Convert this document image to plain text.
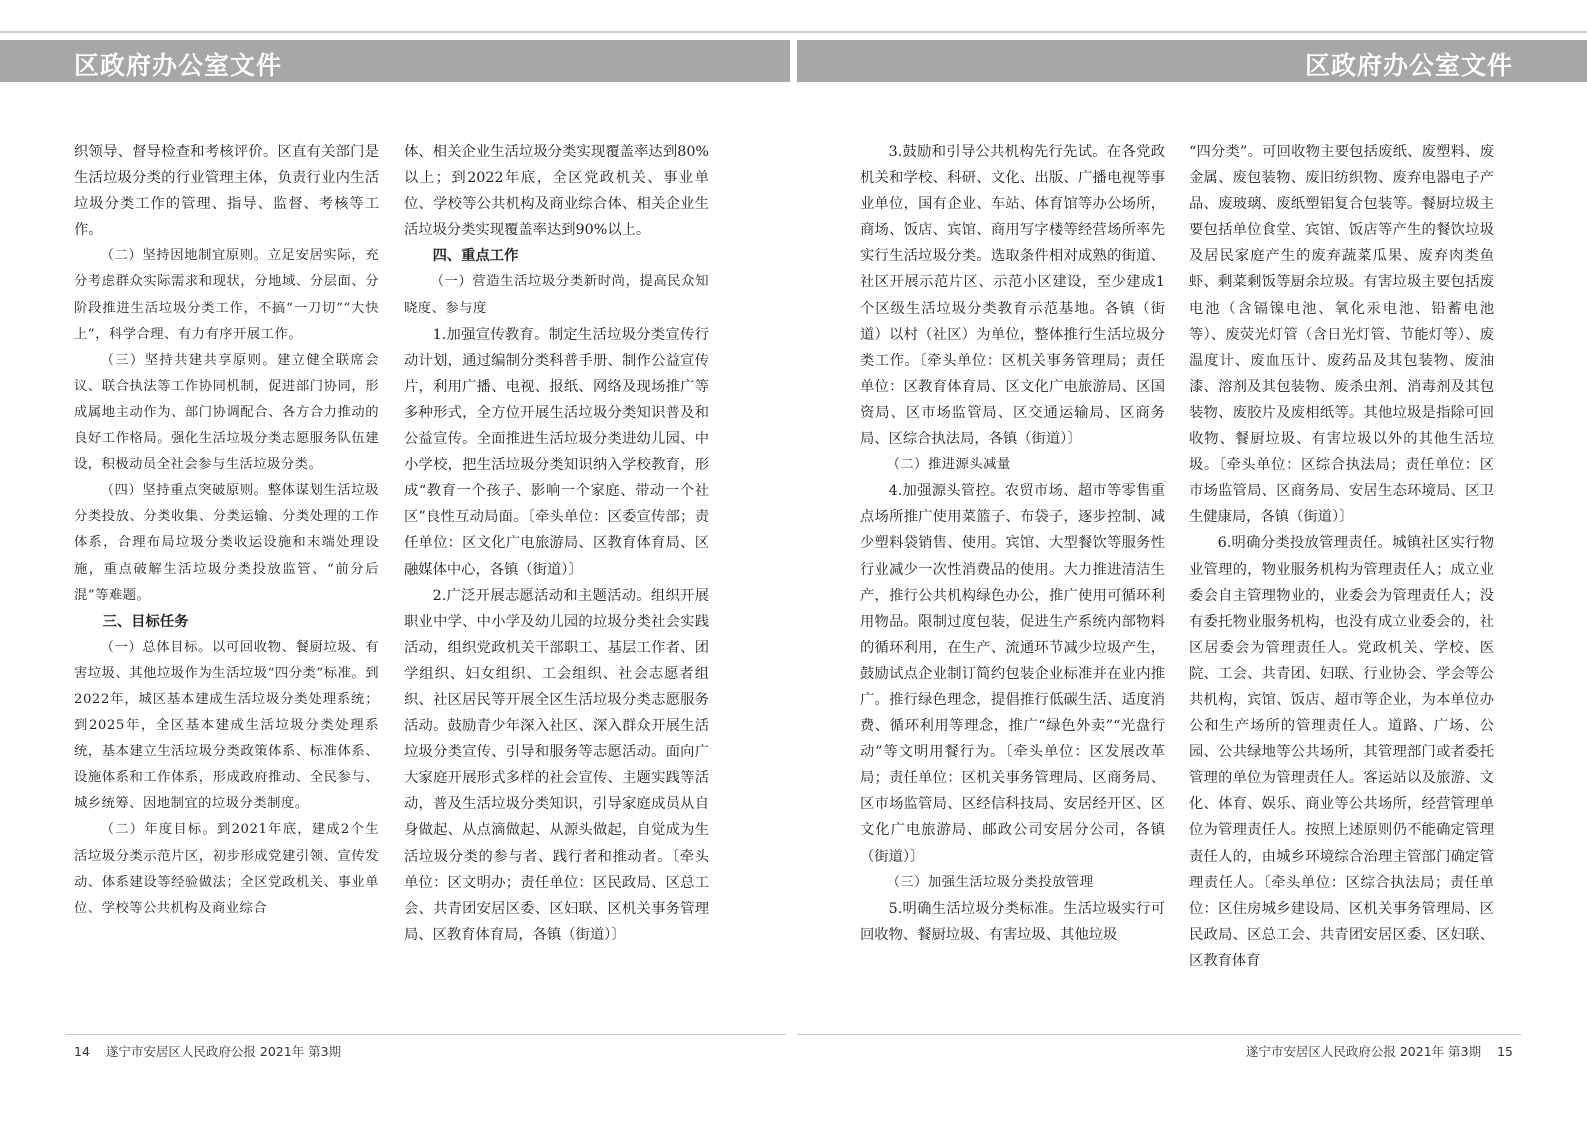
区政府办公室文件	区政府办公室文件

织领导、督导检查和考核评价。区直有关部门是生活垃圾分类的行业管理主体，负责行业内生活垃圾分类工作的管理、指导、监督、考核等工作。

（二）坚持因地制宜原则。立足安居实际，充分考虑群众实际需求和现状，分地域、分层面、分阶段推进生活垃圾分类工作，不搞“一刀切”“大快上”，科学合理、有力有序开展工作。

（三）坚持共建共享原则。建立健全联席会议、联合执法等工作协同机制，促进部门协同，形成属地主动作为、部门协调配合、各方合力推动的良好工作格局。强化生活垃圾分类志愿服务队伍建设，积极动员全社会参与生活垃圾分类。

（四）坚持重点突破原则。整体谋划生活垃圾分类投放、分类收集、分类运输、分类处理的工作体系，合理布局垃圾分类收运设施和末端处理设施，重点破解生活垃圾分类投放监管、“前分后混”等难题。

三、目标任务

（一）总体目标。以可回收物、餐厨垃圾、有害垃圾、其他垃圾作为生活垃圾“四分类”标准。到2022年，城区基本建成生活垃圾分类处理系统；到2025年，全区基本建成生活垃圾分类处理系统，基本建立生活垃圾分类政策体系、标准体系、设施体系和工作体系，形成政府推动、全民参与、城乡统筹、因地制宜的垃圾分类制度。

（二）年度目标。到2021年底，建成2个生活垃圾分类示范片区，初步形成党建引领、宣传发动、体系建设等经验做法；全区党政机关、事业单位、学校等公共机构及商业综合

体、相关企业生活垃圾分类实现覆盖率达到80%以上；到2022年底，全区党政机关、事业单位、学校等公共机构及商业综合体、相关企业生活垃圾分类实现覆盖率达到90%以上。

四、重点工作

（一）营造生活垃圾分类新时尚，提高民众知晓度、参与度

1.加强宣传教育。制定生活垃圾分类宣传行动计划，通过编制分类科普手册、制作公益宣传片，利用广播、电视、报纸、网络及现场推广等多种形式，全方位开展生活垃圾分类知识普及和公益宣传。全面推进生活垃圾分类进幼儿园、中小学校，把生活垃圾分类知识纳入学校教育，形成“教育一个孩子、影响一个家庭、带动一个社区”良性互动局面。〔牵头单位：区委宣传部；责任单位：区文化广电旅游局、区教育体育局、区融媒体中心，各镇（街道）〕

2.广泛开展志愿活动和主题活动。组织开展职业中学、中小学及幼儿园的垃圾分类社会实践活动，组织党政机关干部职工、基层工作者、团学组织、妇女组织、工会组织、社会志愿者组织、社区居民等开展全区生活垃圾分类志愿服务活动。鼓励青少年深入社区、深入群众开展生活垃圾分类宣传、引导和服务等志愿活动。面向广大家庭开展形式多样的社会宣传、主题实践等活动，普及生活垃圾分类知识，引导家庭成员从自身做起、从点滴做起、从源头做起，自觉成为生活垃圾分类的参与者、践行者和推动者。〔牵头单位：区文明办；责任单位：区民政局、区总工会、共青团安居区委、区妇联、区机关事务管理局、区教育体育局，各镇（街道）〕

3.鼓励和引导公共机构先行先试。在各党政机关和学校、科研、文化、出版、广播电视等事业单位，国有企业、车站、体育馆等办公场所，商场、饭店、宾馆、商用写字楼等经营场所率先实行生活垃圾分类。选取条件相对成熟的街道、社区开展示范片区、示范小区建设，至少建成1个区级生活垃圾分类教育示范基地。各镇（街道）以村（社区）为单位，整体推行生活垃圾分类工作。〔牵头单位：区机关事务管理局；责任单位：区教育体育局、区文化广电旅游局、区国资局、区市场监管局、区交通运输局、区商务局、区综合执法局，各镇（街道）〕

（二）推进源头减量

4.加强源头管控。农贸市场、超市等零售重点场所推广使用菜篮子、布袋子，逐步控制、减少塑料袋销售、使用。宾馆、大型餐饮等服务性行业减少一次性消费品的使用。大力推进清洁生产，推行公共机构绿色办公，推广使用可循环利用物品。限制过度包装，促进生产系统内部物料的循环利用，在生产、流通环节减少垃圾产生，鼓励试点企业制订简约包装企业标准并在业内推广。推行绿色理念，提倡推行低碳生活、适度消费、循环利用等理念，推广“绿色外卖”“光盘行动”等文明用餐行为。〔牵头单位：区发展改革局；责任单位：区机关事务管理局、区商务局、区市场监管局、区经信科技局、安居经开区、区文化广电旅游局、邮政公司安居分公司，各镇（街道）〕

（三）加强生活垃圾分类投放管理

5.明确生活垃圾分类标准。生活垃圾实行可回收物、餐厨垃圾、有害垃圾、其他垃圾

“四分类”。可回收物主要包括废纸、废塑料、废金属、废包装物、废旧纺织物、废弃电器电子产品、废玻璃、废纸塑铝复合包装等。餐厨垃圾主要包括单位食堂、宾馆、饭店等产生的餐饮垃圾及居民家庭产生的废弃蔬菜瓜果、废弃肉类鱼虾、剩菜剩饭等厨余垃圾。有害垃圾主要包括废电池（含镉镍电池、氧化汞电池、铅蓄电池等）、废荧光灯管（含日光灯管、节能灯等）、废温度计、废血压计、废药品及其包装物、废油漆、溶剂及其包装物、废杀虫剂、消毒剂及其包装物、废胶片及废相纸等。其他垃圾是指除可回收物、餐厨垃圾、有害垃圾以外的其他生活垃圾。〔牵头单位：区综合执法局；责任单位：区市场监管局、区商务局、安居生态环境局、区卫生健康局，各镇（街道）〕

6.明确分类投放管理责任。城镇社区实行物业管理的，物业服务机构为管理责任人；成立业委会自主管理物业的，业委会为管理责任人；没有委托物业服务机构，也没有成立业委会的，社区居委会为管理责任人。党政机关、学校、医院、工会、共青团、妇联、行业协会、学会等公共机构，宾馆、饭店、超市等企业，为本单位办公和生产场所的管理责任人。道路、广场、公园、公共绿地等公共场所，其管理部门或者委托管理的单位为管理责任人。客运站以及旅游、文化、体育、娱乐、商业等公共场所，经营管理单位为管理责任人。按照上述原则仍不能确定管理责任人的，由城乡环境综合治理主管部门确定管理责任人。〔牵头单位：区综合执法局；责任单位：区住房城乡建设局、区机关事务管理局、区民政局、区总工会、共青团安居区委、区妇联、区教育体育

14 遂宁市安居区人民政府公报 2021年 第3期	遂宁市安居区人民政府公报 2021年 第3期 15
